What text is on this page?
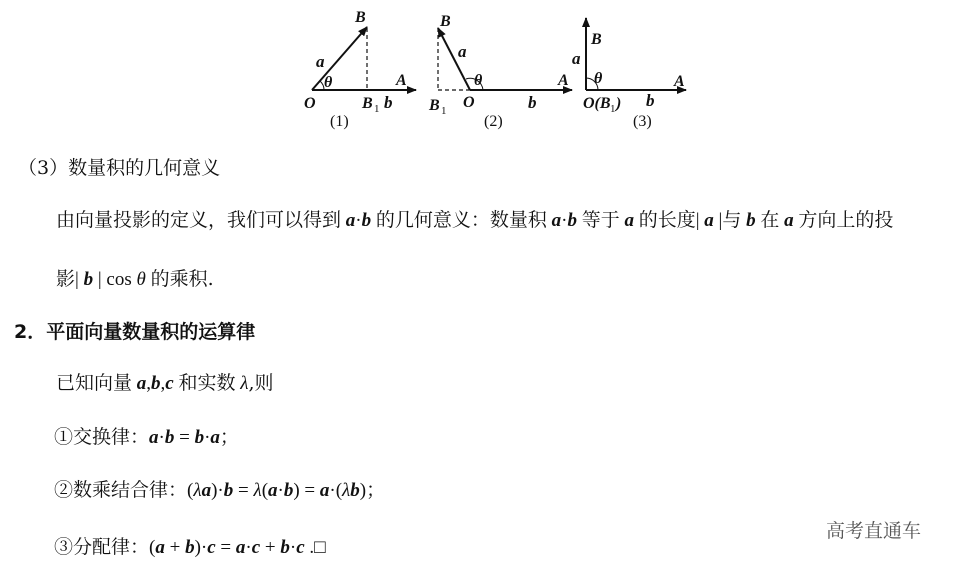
B
a
θ
O	B 1 b
A
(1)
B
a
θ
O
B 1	b
A
(2)
B
a
θ
O(B 1 ) b
A
(3)
（3）数量积的几何意义
由向量投影的定义，我们可以得到 a·b 的几何意义：数量积 a·b 等于 a 的长度| a |与 b 在 a 方向上的投
影| b | cos θ 的乘积.
2．平面向量数量积的运算律
已知向量 a,b,c 和实数 λ,则
①交换律：a·b = b·a；
②数乘结合律：(λa)·b = λ(a·b) = a·(λb)；
③分配律：(a + b)·c = a·c + b·c .□
高考直通车
